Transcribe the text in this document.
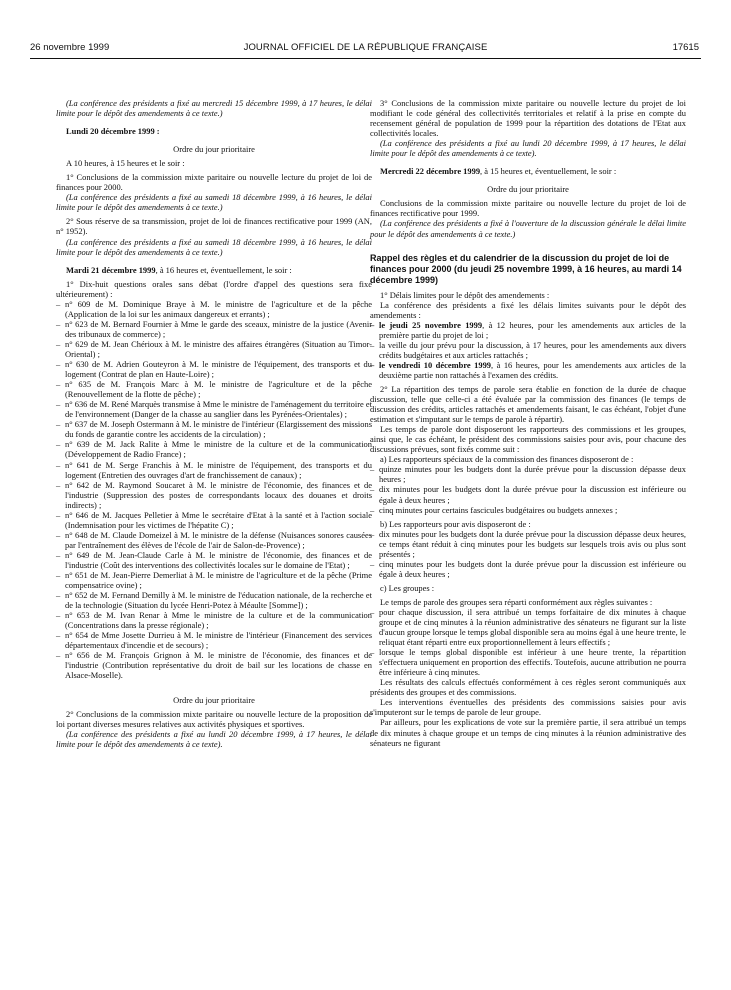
26 novembre 1999	JOURNAL OFFICIEL DE LA RÉPUBLIQUE FRANÇAISE	17615

(La conférence des présidents a fixé au mercredi 15 décembre 1999, à 17 heures, le délai limite pour le dépôt des amendements à ce texte.)

Lundi 20 décembre 1999 :

Ordre du jour prioritaire

A 10 heures, à 15 heures et le soir :

1° Conclusions de la commission mixte paritaire ou nouvelle lecture du projet de loi de finances pour 2000.

(La conférence des présidents a fixé au samedi 18 décembre 1999, à 16 heures, le délai limite pour le dépôt des amendements à ce texte.)

2° Sous réserve de sa transmission, projet de loi de finances rectificative pour 1999 (AN, n° 1952).

(La conférence des présidents a fixé au samedi 18 décembre 1999, à 16 heures, le délai limite pour le dépôt des amendements à ce texte.)

Mardi 21 décembre 1999, à 16 heures et, éventuellement, le soir :

1° Dix-huit questions orales sans débat (l'ordre d'appel des questions sera fixé ultérieurement) :

– n° 609 de M. Dominique Braye à M. le ministre de l'agriculture et de la pêche (Application de la loi sur les animaux dangereux et errants) ;
– n° 623 de M. Bernard Fournier à Mme le garde des sceaux, ministre de la justice (Avenir des tribunaux de commerce) ;
– n° 629 de M. Jean Chérioux à M. le ministre des affaires étrangères (Situation au Timor-Oriental) ;
– n° 630 de M. Adrien Gouteyron à M. le ministre de l'équipement, des transports et du logement (Contrat de plan en Haute-Loire) ;
– n° 635 de M. François Marc à M. le ministre de l'agriculture et de la pêche (Renouvellement de la flotte de pêche) ;
– n° 636 de M. René Marquès transmise à Mme le ministre de l'aménagement du territoire et de l'environnement (Danger de la chasse au sanglier dans les Pyrénées-Orientales) ;
– n° 637 de M. Joseph Ostermann à M. le ministre de l'intérieur (Elargissement des missions du fonds de garantie contre les accidents de la circulation) ;
– n° 639 de M. Jack Ralite à Mme le ministre de la culture et de la communication (Développement de Radio France) ;
– n° 641 de M. Serge Franchis à M. le ministre de l'équipement, des transports et du logement (Entretien des ouvrages d'art de franchissement de canaux) ;
– n° 642 de M. Raymond Soucaret à M. le ministre de l'économie, des finances et de l'industrie (Suppression des postes de correspondants locaux des douanes et droits indirects) ;
– n° 646 de M. Jacques Pelletier à Mme le secrétaire d'Etat à la santé et à l'action sociale (Indemnisation pour les victimes de l'hépatite C) ;
– n° 648 de M. Claude Domeizel à M. le ministre de la défense (Nuisances sonores causées par l'entraînement des élèves de l'école de l'air de Salon-de-Provence) ;
– n° 649 de M. Jean-Claude Carle à M. le ministre de l'économie, des finances et de l'industrie (Coût des interventions des collectivités locales sur le domaine de l'Etat) ;
– n° 651 de M. Jean-Pierre Demerliat à M. le ministre de l'agriculture et de la pêche (Prime compensatrice ovine) ;
– n° 652 de M. Fernand Demilly à M. le ministre de l'éducation nationale, de la recherche et de la technologie (Situation du lycée Henri-Potez à Méaulte [Somme]) ;
– n° 653 de M. Ivan Renar à Mme le ministre de la culture et de la communication (Concentrations dans la presse régionale) ;
– n° 654 de Mme Josette Durrieu à M. le ministre de l'intérieur (Financement des services départementaux d'incendie et de secours) ;
– n° 656 de M. François Grignon à M. le ministre de l'économie, des finances et de l'industrie (Contribution représentative du droit de bail sur les locations de chasse en Alsace-Moselle).

Ordre du jour prioritaire

2° Conclusions de la commission mixte paritaire ou nouvelle lecture de la proposition de loi portant diverses mesures relatives aux activités physiques et sportives.

(La conférence des présidents a fixé au lundi 20 décembre 1999, à 17 heures, le délai limite pour le dépôt des amendements à ce texte).

3° Conclusions de la commission mixte paritaire ou nouvelle lecture du projet de loi modifiant le code général des collectivités territoriales et relatif à la prise en compte du recensement général de population de 1999 pour la répartition des dotations de l'Etat aux collectivités locales.

(La conférence des présidents a fixé au lundi 20 décembre 1999, à 17 heures, le délai limite pour le dépôt des amendements à ce texte).

Mercredi 22 décembre 1999, à 15 heures et, éventuellement, le soir :

Ordre du jour prioritaire

Conclusions de la commission mixte paritaire ou nouvelle lecture du projet de loi de finances rectificative pour 1999.

(La conférence des présidents a fixé à l'ouverture de la discussion générale le délai limite pour le dépôt des amendements à ce texte.)

Rappel des règles et du calendrier de la discussion du projet de loi de finances pour 2000 (du jeudi 25 novembre 1999, à 16 heures, au mardi 14 décembre 1999)

1° Délais limites pour le dépôt des amendements :

La conférence des présidents a fixé les délais limites suivants pour le dépôt des amendements :

– le jeudi 25 novembre 1999, à 12 heures, pour les amendements aux articles de la première partie du projet de loi ;
– la veille du jour prévu pour la discussion, à 17 heures, pour les amendements aux divers crédits budgétaires et aux articles rattachés ;
– le vendredi 10 décembre 1999, à 16 heures, pour les amendements aux articles de la deuxième partie non rattachés à l'examen des crédits.

2° La répartition des temps de parole sera établie en fonction de la durée de chaque discussion, telle que celle-ci a été évaluée par la commission des finances (le temps de discussion des crédits, articles rattachés et amendements faisant, le cas échéant, l'objet d'une estimation et s'imputant sur le temps de parole à répartir).

Les temps de parole dont disposeront les rapporteurs des commissions et les groupes, ainsi que, le cas échéant, le président des commissions saisies pour avis, pour chacune des discussions prévues, sont fixés comme suit :

a) Les rapporteurs spéciaux de la commission des finances disposeront de :

– quinze minutes pour les budgets dont la durée prévue pour la discussion dépasse deux heures ;
– dix minutes pour les budgets dont la durée prévue pour la discussion est inférieure ou égale à deux heures ;
– cinq minutes pour certains fascicules budgétaires ou budgets annexes ;

b) Les rapporteurs pour avis disposeront de :

– dix minutes pour les budgets dont la durée prévue pour la discussion dépasse deux heures, ce temps étant réduit à cinq minutes pour les budgets sur lesquels trois avis ou plus sont présentés ;
– cinq minutes pour les budgets dont la durée prévue pour la discussion est inférieure ou égale à deux heures ;

c) Les groupes :

Le temps de parole des groupes sera réparti conformément aux règles suivantes :

– pour chaque discussion, il sera attribué un temps forfaitaire de dix minutes à chaque groupe et de cinq minutes à la réunion administrative des sénateurs ne figurant sur la liste d'aucun groupe lorsque le temps global disponible sera au moins égal à une heure trente, le reliquat étant réparti entre eux proportionnellement à leurs effectifs ;
– lorsque le temps global disponible est inférieur à une heure trente, la répartition s'effectuera uniquement en proportion des effectifs. Toutefois, aucune attribution ne pourra être inférieure à cinq minutes.

Les résultats des calculs effectués conformément à ces règles seront communiqués aux présidents des groupes et des commissions.

Les interventions éventuelles des présidents des commissions saisies pour avis s'imputeront sur le temps de parole de leur groupe.

Par ailleurs, pour les explications de vote sur la première partie, il sera attribué un temps de dix minutes à chaque groupe et un temps de cinq minutes à la réunion administrative des sénateurs ne figurant
